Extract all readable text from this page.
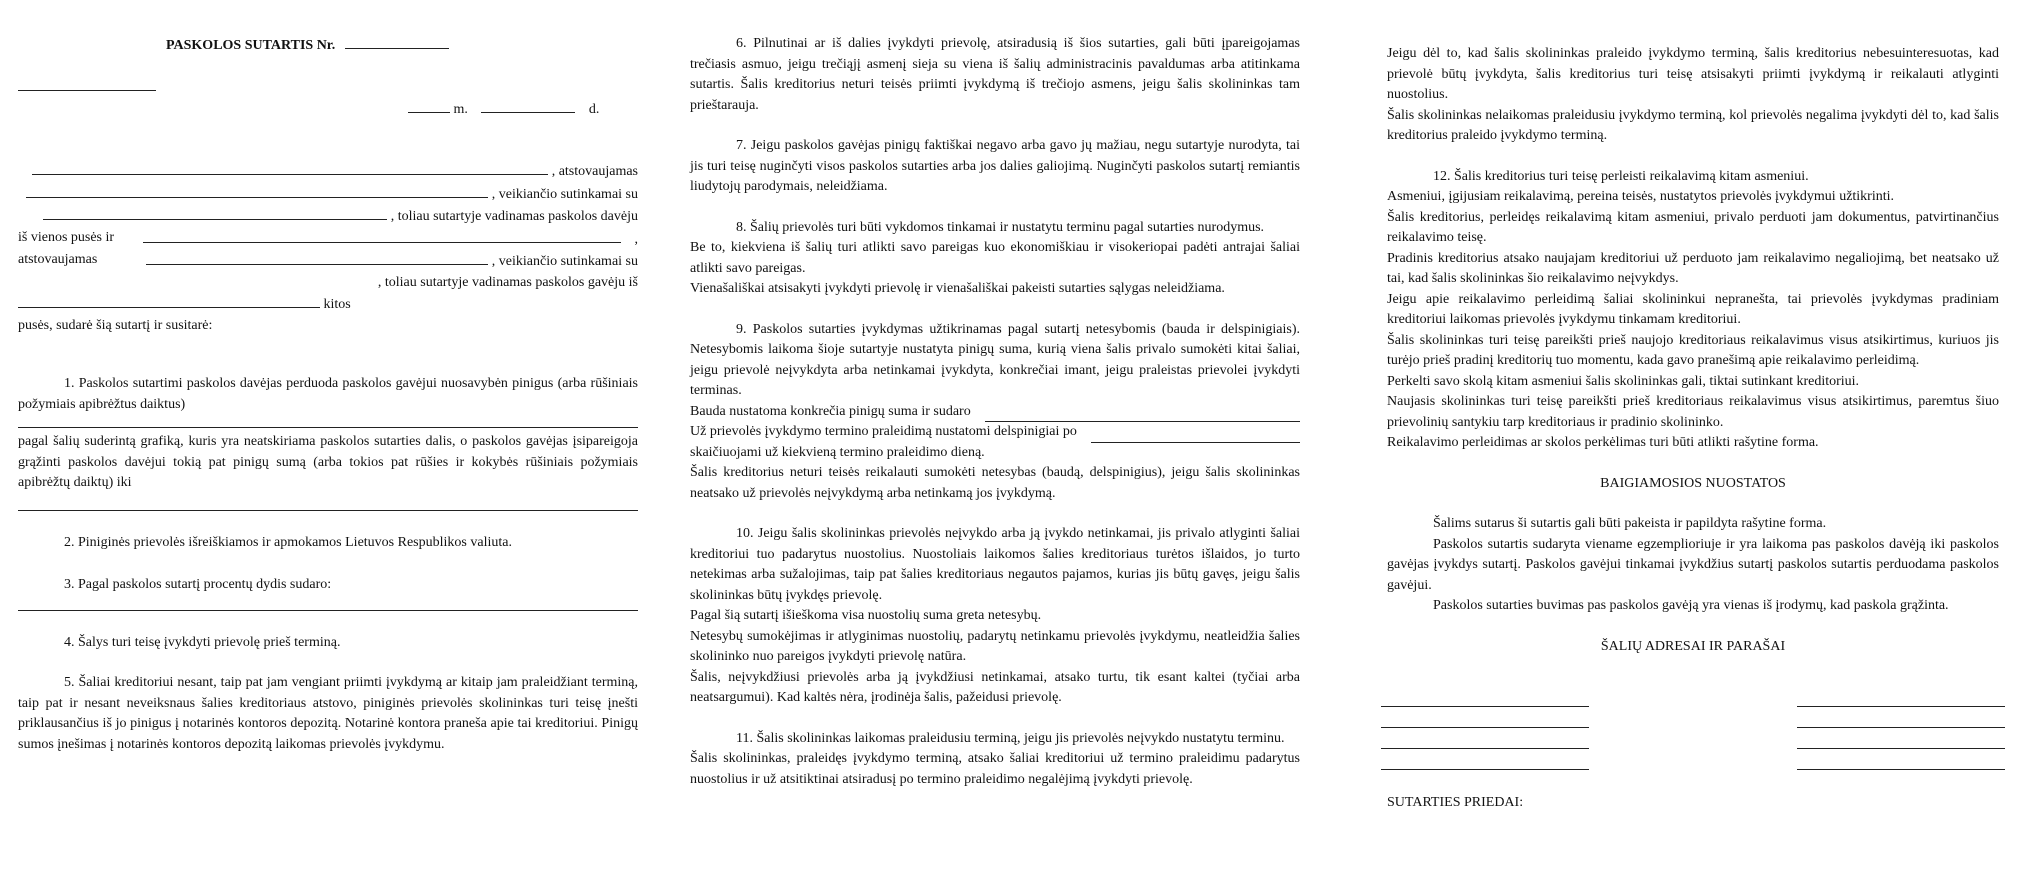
PASKOLOS SUTARTIS Nr.
m.	d.
, atstovaujamas
, veikiančio sutinkamai su
, toliau sutartyje vadinamas paskolos davėju
iš vienos pusės ir	,
atstovaujamas	, veikiančio sutinkamai su
, toliau sutartyje vadinamas paskolos gavėju iš
kitos
pusės, sudarė šią sutartį ir susitarė:

1. Paskolos sutartimi paskolos davėjas perduoda paskolos gavėjui nuosavybėn pinigus (arba rūšiniais požymiais apibrėžtus daiktus)

pagal šalių suderintą grafiką, kuris yra neatskiriama paskolos sutarties dalis, o paskolos gavėjas įsipareigoja grąžinti paskolos davėjui tokią pat pinigų sumą (arba tokios pat rūšies ir kokybės rūšiniais požymiais apibrėžtų daiktų) iki

2. Piniginės prievolės išreiškiamos ir apmokamos Lietuvos Respublikos valiuta.

3. Pagal paskolos sutartį procentų dydis sudaro:

4. Šalys turi teisę įvykdyti prievolę prieš terminą.

5. Šaliai kreditoriui nesant, taip pat jam vengiant priimti įvykdymą ar kitaip jam praleidžiant terminą, taip pat ir nesant neveiksnaus šalies kreditoriaus atstovo, piniginės prievolės skolininkas turi teisę įnešti priklausančius iš jo pinigus į notarinės kontoros depozitą. Notarinė kontora praneša apie tai kreditoriui. Pinigų sumos įnešimas į notarinės kontoros depozitą laikomas prievolės įvykdymu.

6. Pilnutinai ar iš dalies įvykdyti prievolę, atsiradusią iš šios sutarties, gali būti įpareigojamas trečiasis asmuo, jeigu trečiąjį asmenį sieja su viena iš šalių administracinis pavaldumas arba atitinkama sutartis. Šalis kreditorius neturi teisės priimti įvykdymą iš trečiojo asmens, jeigu šalis skolininkas tam prieštarauja.

7. Jeigu paskolos gavėjas pinigų faktiškai negavo arba gavo jų mažiau, negu sutartyje nurodyta, tai jis turi teisę nuginčyti visos paskolos sutarties arba jos dalies galiojimą. Nuginčyti paskolos sutartį remiantis liudytojų parodymais, neleidžiama.

8. Šalių prievolės turi būti vykdomos tinkamai ir nustatytu terminu pagal sutarties nurodymus.

Be to, kiekviena iš šalių turi atlikti savo pareigas kuo ekonomiškiau ir visokeriopai padėti antrajai šaliai atlikti savo pareigas.

Vienašališkai atsisakyti įvykdyti prievolę ir vienašališkai pakeisti sutarties sąlygas neleidžiama.

9. Paskolos sutarties įvykdymas užtikrinamas pagal sutartį netesybomis (bauda ir delspinigiais). Netesybomis laikoma šioje sutartyje nustatyta pinigų suma, kurią viena šalis privalo sumokėti kitai šaliai, jeigu prievolė neįvykdyta arba netinkamai įvykdyta, konkrečiai imant, jeigu praleistas prievolei įvykdyti terminas.

Bauda nustatoma konkrečia pinigų suma ir sudaro
Už prievolės įvykdymo termino praleidimą nustatomi delspinigiai po

skaičiuojami už kiekvieną termino praleidimo dieną.

Šalis kreditorius neturi teisės reikalauti sumokėti netesybas (baudą, delspinigius), jeigu šalis skolininkas neatsako už prievolės neįvykdymą arba netinkamą jos įvykdymą.

10. Jeigu šalis skolininkas prievolės neįvykdo arba ją įvykdo netinkamai, jis privalo atlyginti šaliai kreditoriui tuo padarytus nuostolius. Nuostoliais laikomos šalies kreditoriaus turėtos išlaidos, jo turto netekimas arba sužalojimas, taip pat šalies kreditoriaus negautos pajamos, kurias jis būtų gavęs, jeigu šalis skolininkas būtų įvykdęs prievolę.

Pagal šią sutartį išieškoma visa nuostolių suma greta netesybų.

Netesybų sumokėjimas ir atlyginimas nuostolių, padarytų netinkamu prievolės įvykdymu, neatleidžia šalies skolininko nuo pareigos įvykdyti prievolę natūra.

Šalis, neįvykdžiusi prievolės arba ją įvykdžiusi netinkamai, atsako turtu, tik esant kaltei (tyčiai arba neatsargumui). Kad kaltės nėra, įrodinėja šalis, pažeidusi prievolę.

11. Šalis skolininkas laikomas praleidusiu terminą, jeigu jis prievolės neįvykdo nustatytu terminu.

Šalis skolininkas, praleidęs įvykdymo terminą, atsako šaliai kreditoriui už termino praleidimu padarytus nuostolius ir už atsitiktinai atsiradusį po termino praleidimo negalėjimą įvykdyti prievolę.

Jeigu dėl to, kad šalis skolininkas praleido įvykdymo terminą, šalis kreditorius nebesuinteresuotas, kad prievolė būtų įvykdyta, šalis kreditorius turi teisę atsisakyti priimti įvykdymą ir reikalauti atlyginti nuostolius.

Šalis skolininkas nelaikomas praleidusiu įvykdymo terminą, kol prievolės negalima įvykdyti dėl to, kad šalis kreditorius praleido įvykdymo terminą.

12. Šalis kreditorius turi teisę perleisti reikalavimą kitam asmeniui.

Asmeniui, įgijusiam reikalavimą, pereina teisės, nustatytos prievolės įvykdymui užtikrinti.

Šalis kreditorius, perleidęs reikalavimą kitam asmeniui, privalo perduoti jam dokumentus, patvirtinančius reikalavimo teisę.

Pradinis kreditorius atsako naujajam kreditoriui už perduoto jam reikalavimo negaliojimą, bet neatsako už tai, kad šalis skolininkas šio reikalavimo neįvykdys.

Jeigu apie reikalavimo perleidimą šaliai skolininkui nepranešta, tai prievolės įvykdymas pradiniam kreditoriui laikomas prievolės įvykdymu tinkamam kreditoriui.

Šalis skolininkas turi teisę pareikšti prieš naujojo kreditoriaus reikalavimus visus atsikirtimus, kuriuos jis turėjo prieš pradinį kreditorių tuo momentu, kada gavo pranešimą apie reikalavimo perleidimą.

Perkelti savo skolą kitam asmeniui šalis skolininkas gali, tiktai sutinkant kreditoriui.

Naujasis skolininkas turi teisę pareikšti prieš kreditoriaus reikalavimus visus atsikirtimus, paremtus šiuo prievolinių santykiu tarp kreditoriaus ir pradinio skolininko.

Reikalavimo perleidimas ar skolos perkėlimas turi būti atlikti rašytine forma.

BAIGIAMOSIOS NUOSTATOS

Šalims sutarus ši sutartis gali būti pakeista ir papildyta rašytine forma.

Paskolos sutartis sudaryta viename egzemplioriuje ir yra laikoma pas paskolos davėją iki paskolos gavėjas įvykdys sutartį. Paskolos gavėjui tinkamai įvykdžius sutartį paskolos sutartis perduodama paskolos gavėjui.

Paskolos sutarties buvimas pas paskolos gavėją yra vienas iš įrodymų, kad paskola grąžinta.

ŠALIŲ ADRESAI IR PARAŠAI
SUTARTIES PRIEDAI:
